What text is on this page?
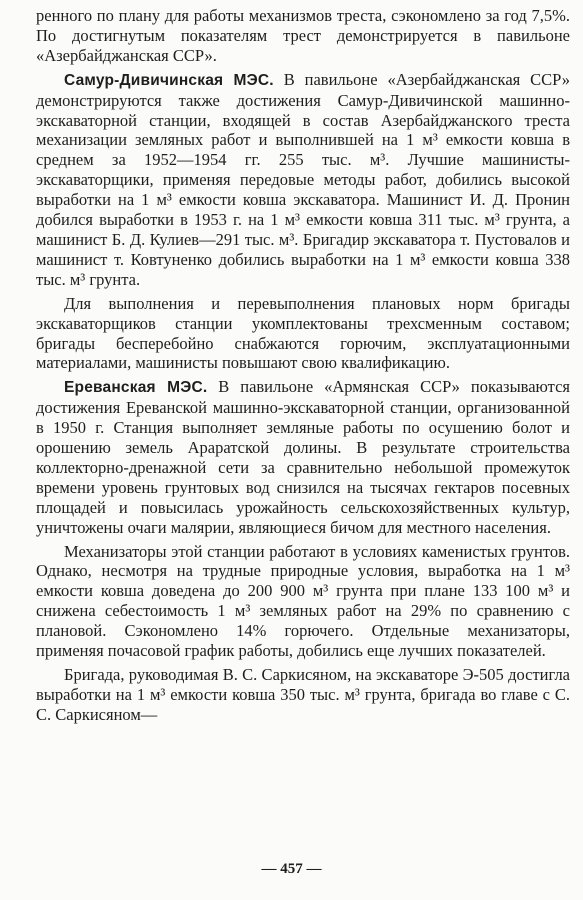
ренного по плану для работы механизмов треста, сэкономлено за год 7,5%. По достигнутым показателям трест демонстрируется в павильоне «Азербайджанская ССР».

Самур-Дивичинская МЭС. В павильоне «Азербайджанская ССР» демонстрируются также достижения Самур-Дивичинской машинно-экскаваторной станции, входящей в состав Азербайджанского треста механизации земляных работ и выполнившей на 1 м³ емкости ковша в среднем за 1952—1954 гг. 255 тыс. м³. Лучшие машинисты-экскаваторщики, применяя передовые методы работ, добились высокой выработки на 1 м³ емкости ковша экскаватора. Машинист И. Д. Пронин добился выработки в 1953 г. на 1 м³ емкости ковша 311 тыс. м³ грунта, а машинист Б. Д. Кулиев—291 тыс. м³. Бригадир экскаватора т. Пустовалов и машинист т. Ковтуненко добились выработки на 1 м³ емкости ковша 338 тыс. м³ грунта.

Для выполнения и перевыполнения плановых норм бригады экскаваторщиков станции укомплектованы трехсменным составом; бригады бесперебойно снабжаются горючим, эксплуатационными материалами, машинисты повышают свою квалификацию.

Ереванская МЭС. В павильоне «Армянская ССР» показываются достижения Ереванской машинно-экскаваторной станции, организованной в 1950 г. Станция выполняет земляные работы по осушению болот и орошению земель Араратской долины. В результате строительства коллекторно-дренажной сети за сравнительно небольшой промежуток времени уровень грунтовых вод снизился на тысячах гектаров посевных площадей и повысилась урожайность сельскохозяйственных культур, уничтожены очаги малярии, являющиеся бичом для местного населения.

Механизаторы этой станции работают в условиях каменистых грунтов. Однако, несмотря на трудные природные условия, выработка на 1 м³ емкости ковша доведена до 200 900 м³ грунта при плане 133 100 м³ и снижена себестоимость 1 м³ земляных работ на 29% по сравнению с плановой. Сэкономлено 14% горючего. Отдельные механизаторы, применяя почасовой график работы, добились еще лучших показателей.

Бригада, руководимая В. С. Саркисяном, на экскаваторе Э-505 достигла выработки на 1 м³ емкости ковша 350 тыс. м³ грунта, бригада во главе с С. С. Саркисяном—

— 457 —
